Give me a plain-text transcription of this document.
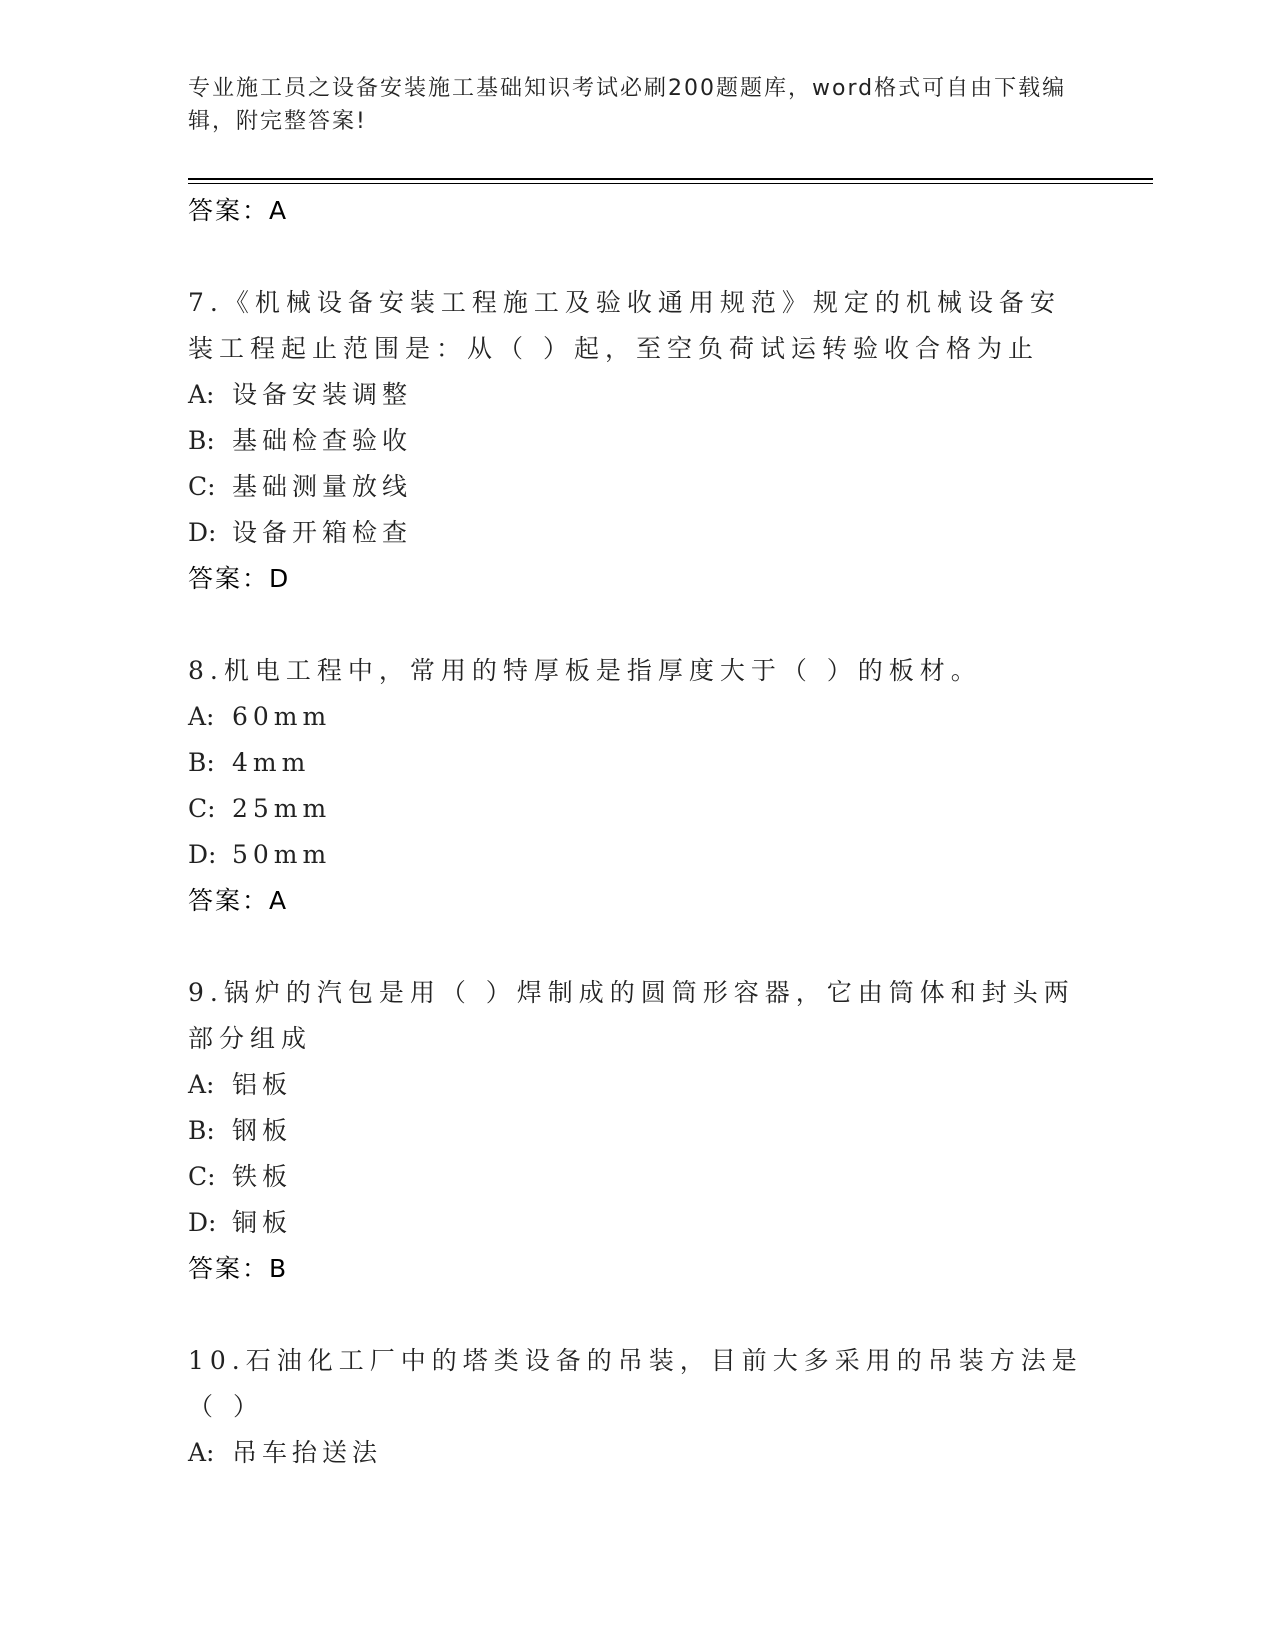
专业施工员之设备安装施工基础知识考试必刷200题题库，word格式可自由下载编辑，附完整答案!
答案：A
7.《机械设备安装工程施工及验收通用规范》规定的机械设备安装工程起止范围是：从（ ）起，至空负荷试运转验收合格为止
A: 设备安装调整
B: 基础检查验收
C: 基础测量放线
D: 设备开箱检查
答案：D
8.机电工程中，常用的特厚板是指厚度大于（ ）的板材。
A: 60mm
B: 4mm
C: 25mm
D: 50mm
答案：A
9.锅炉的汽包是用（ ）焊制成的圆筒形容器，它由筒体和封头两部分组成
A: 铝板
B: 钢板
C: 铁板
D: 铜板
答案：B
10.石油化工厂中的塔类设备的吊装，目前大多采用的吊装方法是（ ）
A: 吊车抬送法
